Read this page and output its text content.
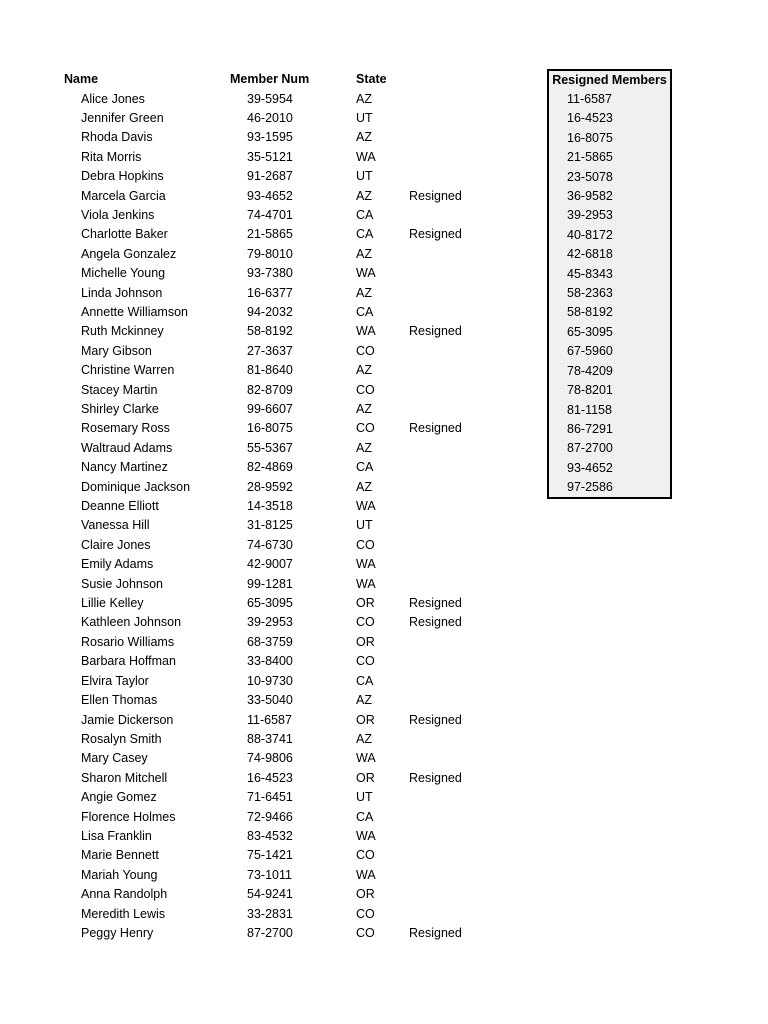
Name	Member Num	State
Alice Jones	39-5954	AZ
Jennifer Green	46-2010	UT
Rhoda Davis	93-1595	AZ
Rita Morris	35-5121	WA
Debra Hopkins	91-2687	UT
Marcela Garcia	93-4652	AZ	Resigned
Viola Jenkins	74-4701	CA
Charlotte Baker	21-5865	CA	Resigned
Angela Gonzalez	79-8010	AZ
Michelle Young	93-7380	WA
Linda Johnson	16-6377	AZ
Annette Williamson	94-2032	CA
Ruth Mckinney	58-8192	WA	Resigned
Mary Gibson	27-3637	CO
Christine Warren	81-8640	AZ
Stacey Martin	82-8709	CO
Shirley Clarke	99-6607	AZ
Rosemary Ross	16-8075	CO	Resigned
Waltraud Adams	55-5367	AZ
Nancy Martinez	82-4869	CA
Dominique Jackson	28-9592	AZ
Deanne Elliott	14-3518	WA
Vanessa Hill	31-8125	UT
Claire Jones	74-6730	CO
Emily Adams	42-9007	WA
Susie Johnson	99-1281	WA
Lillie Kelley	65-3095	OR	Resigned
Kathleen Johnson	39-2953	CO	Resigned
Rosario Williams	68-3759	OR
Barbara Hoffman	33-8400	CO
Elvira Taylor	10-9730	CA
Ellen Thomas	33-5040	AZ
Jamie Dickerson	11-6587	OR	Resigned
Rosalyn Smith	88-3741	AZ
Mary Casey	74-9806	WA
Sharon Mitchell	16-4523	OR	Resigned
Angie Gomez	71-6451	UT
Florence Holmes	72-9466	CA
Lisa Franklin	83-4532	WA
Marie Bennett	75-1421	CO
Mariah Young	73-1011	WA
Anna Randolph	54-9241	OR
Meredith Lewis	33-2831	CO
Peggy Henry	87-2700	CO	Resigned
Resigned Members
11-6587
16-4523
16-8075
21-5865
23-5078
36-9582
39-2953
40-8172
42-6818
45-8343
58-2363
58-8192
65-3095
67-5960
78-4209
78-8201
81-1158
86-7291
87-2700
93-4652
97-2586
